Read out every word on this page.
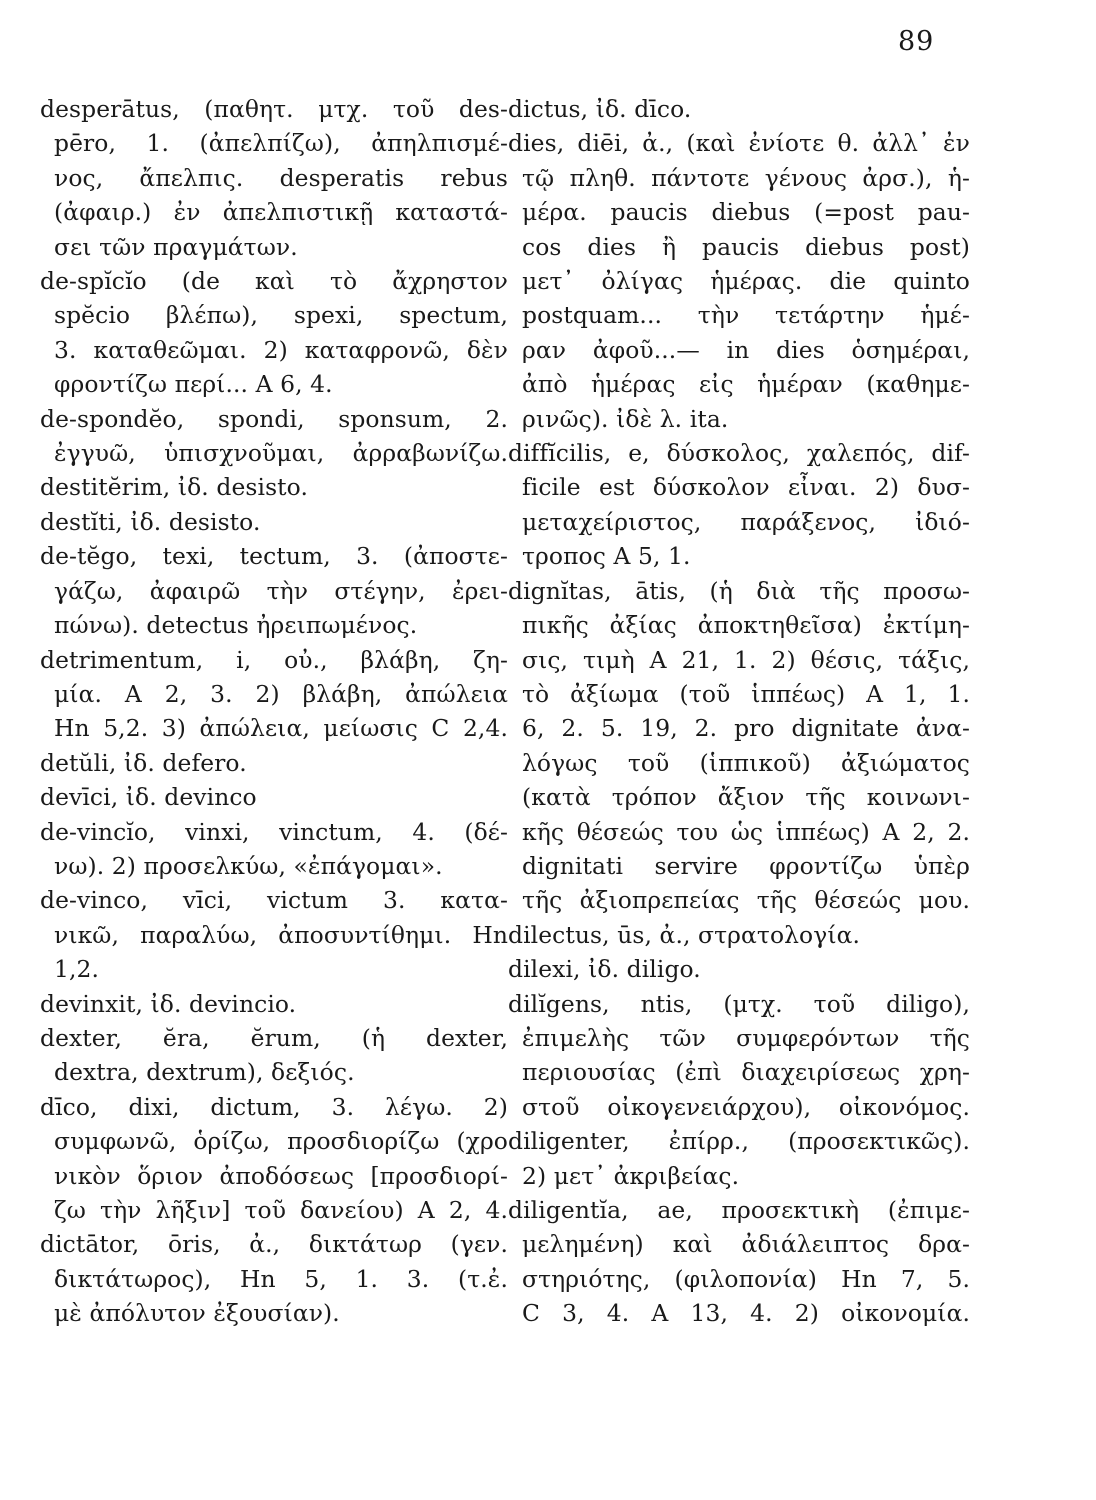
89
desperātus, (παθητ. μτχ. τοῦ des-
pēro, 1. (ἀπελπίζω), ἀπηλπισμέ-
νος, ἄπελπις. desperatis rebus
(ἀφαιρ.) ἐν ἀπελπιστικῇ καταστά-
σει τῶν πραγμάτων.
de-spĭcĭo (de καὶ τὸ ἄχρηστον
spĕcio βλέπω), spexi, spectum,
3. καταθεῶμαι. 2) καταφρονῶ, δὲν
φροντίζω περί... A 6, 4.
de-spondĕo, spondi, sponsum, 2.
ἐγγυῶ, ὑπισχνοῦμαι, ἀρραβωνίζω.
destitĕrim, ἰδ. desisto.
destĭti, ἰδ. desisto.
de-tĕgo, texi, tectum, 3. (ἀποστε-
γάζω, ἀφαιρῶ τὴν στέγην, ἐρει-
πώνω). detectus ἠρειπωμένος.
detrimentum, i, οὐ., βλάβη, ζη-
μία. A 2, 3. 2) βλάβη, ἀπώλεια
Hn 5,2. 3) ἀπώλεια, μείωσις C 2,4.
detŭli, ἰδ. defero.
devīci, ἰδ. devinco
de-vincĭo, vinxi, vinctum, 4. (δέ-
νω). 2) προσελκύω, «ἐπάγομαι».
de-vinco, vīci, victum 3. κατα-
νικῶ, παραλύω, ἀποσυντίθημι. Hn
1,2.
devinxit, ἰδ. devincio.
dexter, ĕra, ĕrum, (ἡ dexter,
dextra, dextrum), δεξιός.
dīco, dixi, dictum, 3. λέγω. 2)
συμφωνῶ, ὁρίζω, προσδιορίζω (χρο
νικὸν ὅριον ἀποδόσεως [προσδιορί-
ζω τὴν λῆξιν] τοῦ δανείου) A 2, 4.
dictātor, ōris, ἀ., δικτάτωρ (γεν.
δικτάτωρος), Hn 5, 1. 3. (τ.ἐ.
μὲ ἀπόλυτον ἐξουσίαν).
dictus, ἰδ. dīco.
dies, diēi, ἀ., (καὶ ἐνίοτε θ. ἀλλ᾽ ἐν
τῷ πληθ. πάντοτε γένους ἀρσ.), ἡ-
μέρα. paucis diebus (=post pau-
cos dies ἢ paucis diebus post)
μετ᾽ ὀλίγας ἡμέρας. die quinto
postquam... τὴν τετάρτην ἡμέ-
ραν ἀφοῦ...— in dies ὁσημέραι,
ἀπὸ ἡμέρας εἰς ἡμέραν (καθημε-
ρινῶς). ἰδὲ λ. ita.
diffĭcilis, e, δύσκολος, χαλεπός, dif-
ficile est δύσκολον εἶναι. 2) δυσ-
μεταχείριστος, παράξενος, ἰδιό-
τροπος A 5, 1.
dignĭtas, ātis, (ἡ διὰ τῆς προσω-
πικῆς ἀξίας ἀποκτηθεῖσα) ἐκτίμη-
σις, τιμὴ A 21, 1. 2) θέσις, τάξις,
τὸ ἀξίωμα (τοῦ ἱππέως) A 1, 1.
6, 2. 5. 19, 2. pro dignitate ἀνα-
λόγως τοῦ (ἱππικοῦ) ἀξιώματος
(κατὰ τρόπον ἄξιον τῆς κοινωνι-
κῆς θέσεώς του ὡς ἱππέως) A 2, 2.
dignitati servire φροντίζω ὑπὲρ
τῆς ἀξιοπρεπείας τῆς θέσεώς μου.
dilectus, ūs, ἀ., στρατολογία.
dilexi, ἰδ. diligo.
dilĭgens, ntis, (μτχ. τοῦ diligo),
ἐπιμελὴς τῶν συμφερόντων τῆς
περιουσίας (ἐπὶ διαχειρίσεως χρη-
στοῦ οἰκογενειάρχου), οἰκονόμος.
diligenter, ἐπίρρ., (προσεκτικῶς).
2) μετ᾽ ἀκριβείας.
diligentĭa, ae, προσεκτικὴ (ἐπιμε-
μελημένη) καὶ ἀδιάλειπτος δρα-
στηριότης, (φιλοπονία) Hn 7, 5.
C 3, 4. A 13, 4. 2) οἰκονομία.
